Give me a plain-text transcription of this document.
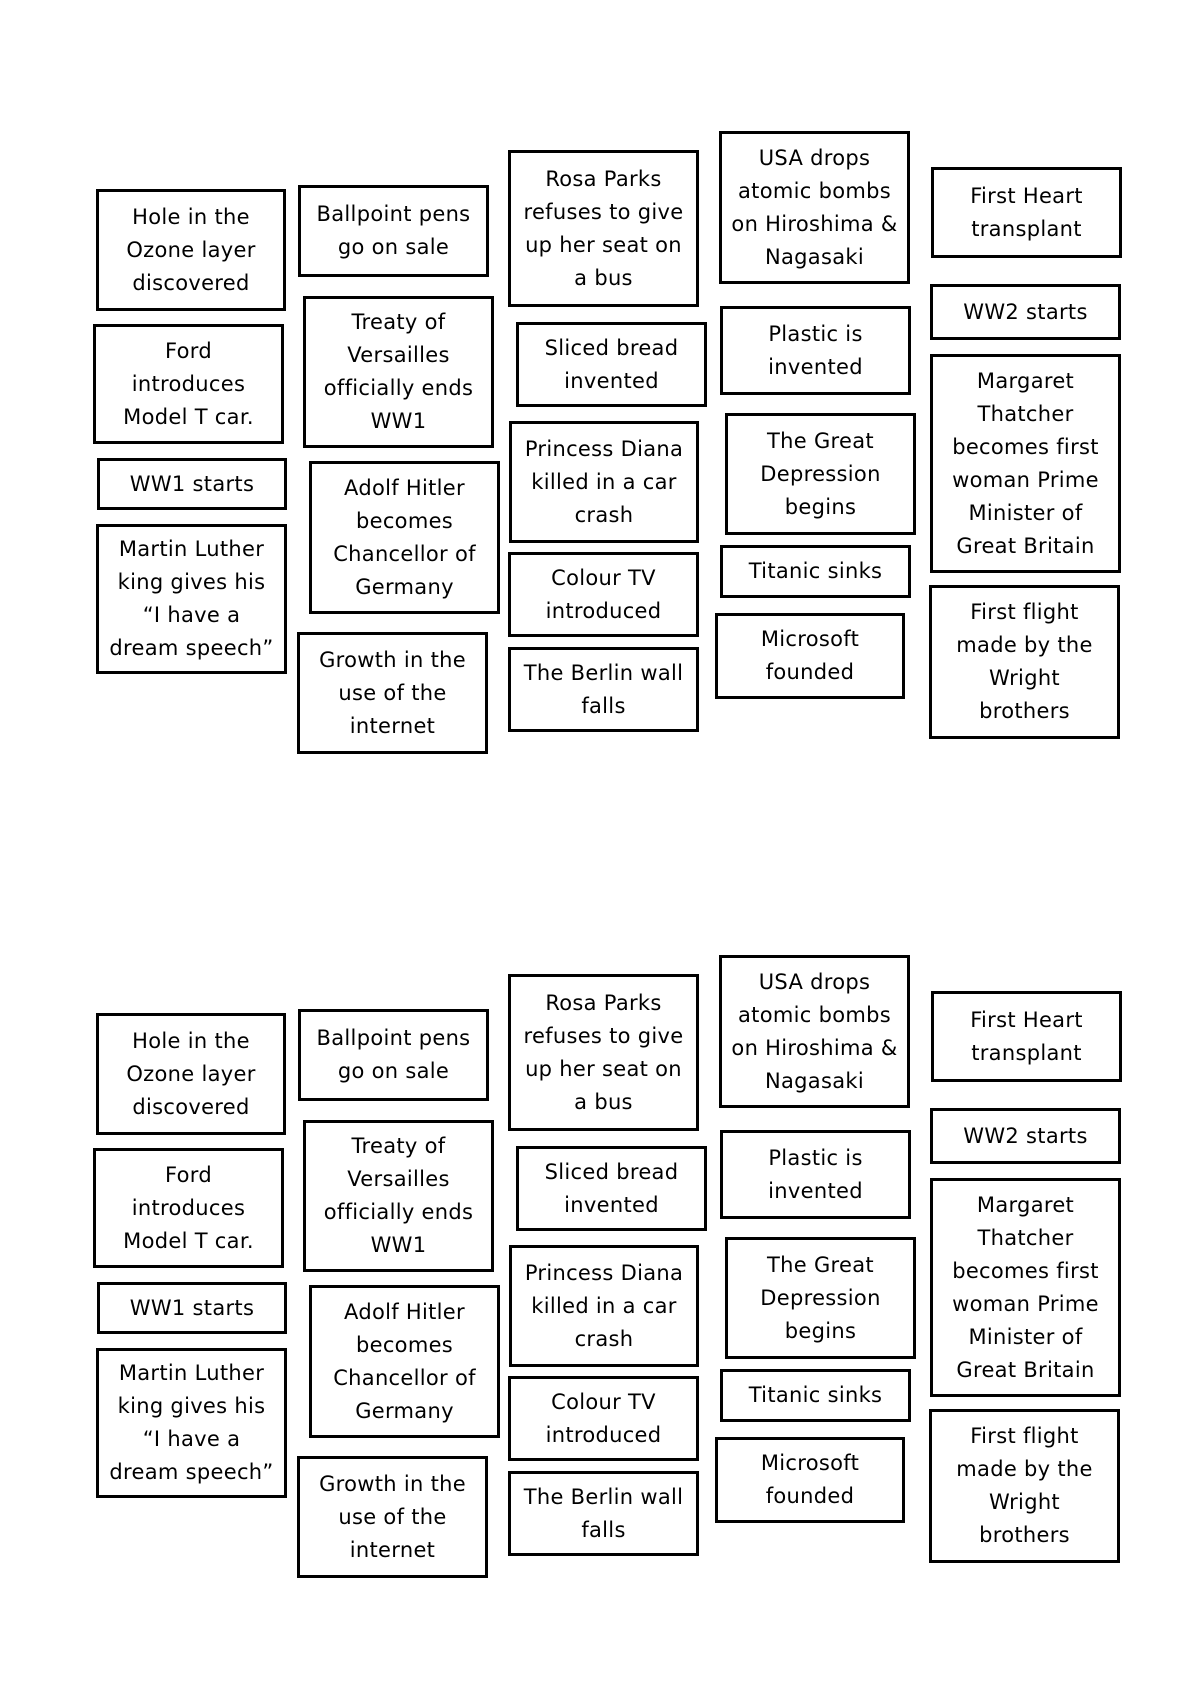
Hole in the
Ozone layer
discovered
Ford
introduces
Model T car.
WW1 starts
Martin Luther
king gives his
“I have a
dream speech”
Ballpoint pens
go on sale
Treaty of
Versailles
officially ends
WW1
Adolf Hitler
becomes
Chancellor of
Germany
Growth in the
use of the
internet
Rosa Parks
refuses to give
up her seat on
a bus
Sliced bread
invented
Princess Diana
killed in a car
crash
Colour TV
introduced
The Berlin wall
falls
USA drops
atomic bombs
on Hiroshima &
Nagasaki
Plastic is
invented
The Great
Depression
begins
Titanic sinks
Microsoft
founded
First Heart
transplant
WW2 starts
Margaret
Thatcher
becomes first
woman Prime
Minister of
Great Britain
First flight
made by the
Wright
brothers
Hole in the
Ozone layer
discovered
Ford
introduces
Model T car.
WW1 starts
Martin Luther
king gives his
“I have a
dream speech”
Ballpoint pens
go on sale
Treaty of
Versailles
officially ends
WW1
Adolf Hitler
becomes
Chancellor of
Germany
Growth in the
use of the
internet
Rosa Parks
refuses to give
up her seat on
a bus
Sliced bread
invented
Princess Diana
killed in a car
crash
Colour TV
introduced
The Berlin wall
falls
USA drops
atomic bombs
on Hiroshima &
Nagasaki
Plastic is
invented
The Great
Depression
begins
Titanic sinks
Microsoft
founded
First Heart
transplant
WW2 starts
Margaret
Thatcher
becomes first
woman Prime
Minister of
Great Britain
First flight
made by the
Wright
brothers
